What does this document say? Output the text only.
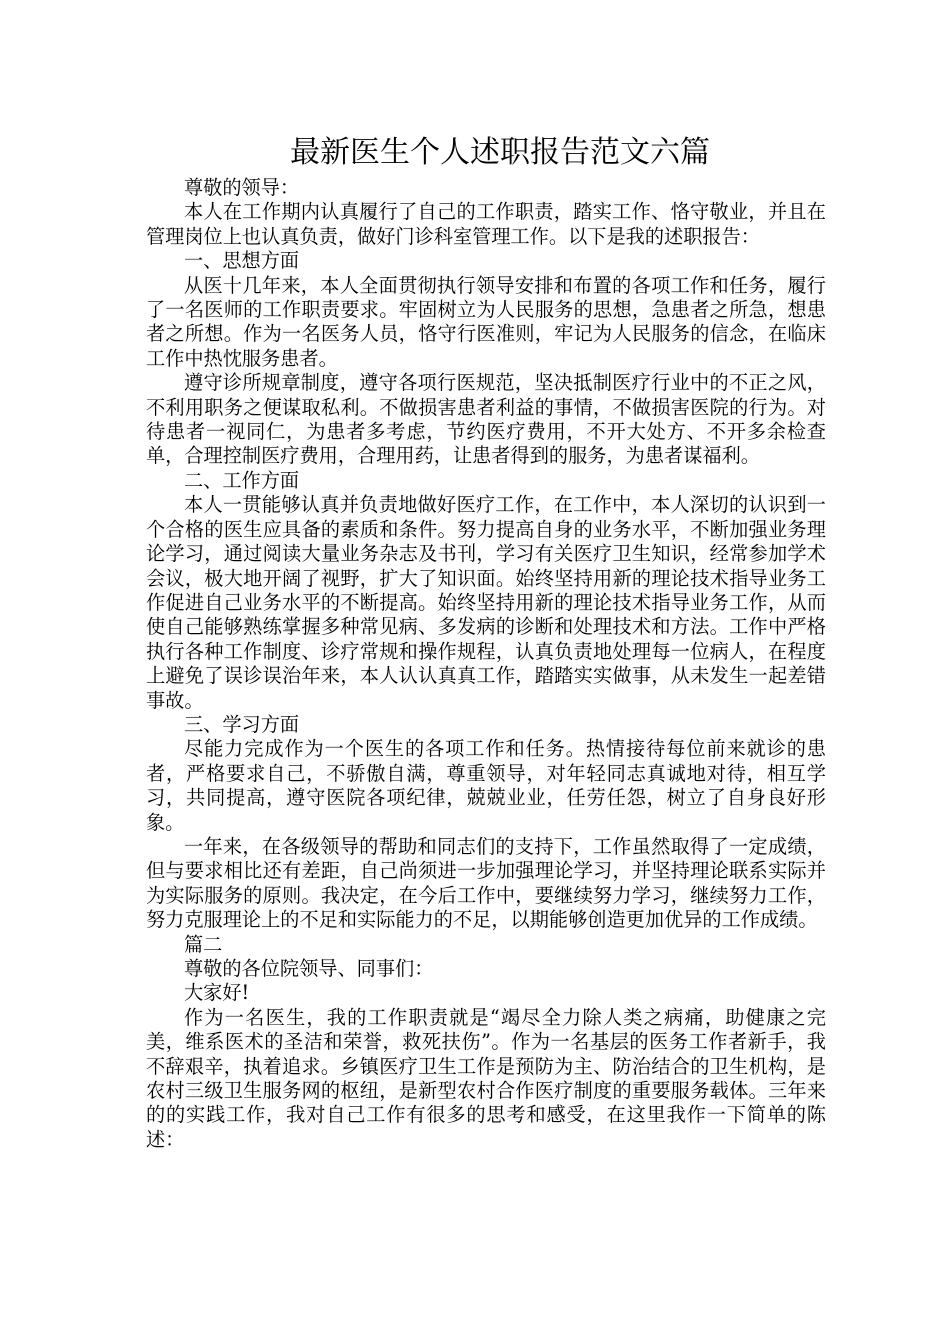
最新医生个人述职报告范文六篇

尊敬的领导：

本人在工作期内认真履行了自己的工作职责，踏实工作、恪守敬业，并且在管理岗位上也认真负责，做好门诊科室管理工作。以下是我的述职报告：

一、思想方面

从医十几年来，本人全面贯彻执行领导安排和布置的各项工作和任务，履行了一名医师的工作职责要求。牢固树立为人民服务的思想，急患者之所急，想患者之所想。作为一名医务人员，恪守行医准则，牢记为人民服务的信念，在临床工作中热忱服务患者。

遵守诊所规章制度，遵守各项行医规范，坚决抵制医疗行业中的不正之风，不利用职务之便谋取私利。不做损害患者利益的事情，不做损害医院的行为。对待患者一视同仁，为患者多考虑，节约医疗费用，不开大处方、不开多余检查单，合理控制医疗费用，合理用药，让患者得到的服务，为患者谋福利。

二、工作方面

本人一贯能够认真并负责地做好医疗工作，在工作中，本人深切的认识到一个合格的医生应具备的素质和条件。努力提高自身的业务水平，不断加强业务理论学习，通过阅读大量业务杂志及书刊，学习有关医疗卫生知识，经常参加学术会议，极大地开阔了视野，扩大了知识面。始终坚持用新的理论技术指导业务工作促进自己业务水平的不断提高。始终坚持用新的理论技术指导业务工作，从而使自己能够熟练掌握多种常见病、多发病的诊断和处理技术和方法。工作中严格执行各种工作制度、诊疗常规和操作规程，认真负责地处理每一位病人，在程度上避免了误诊误治年来，本人认认真真工作，踏踏实实做事，从未发生一起差错事故。

三、学习方面

尽能力完成作为一个医生的各项工作和任务。热情接待每位前来就诊的患者，严格要求自己，不骄傲自满，尊重领导，对年轻同志真诚地对待，相互学习，共同提高，遵守医院各项纪律，兢兢业业，任劳任怨，树立了自身良好形象。

一年来，在各级领导的帮助和同志们的支持下，工作虽然取得了一定成绩，但与要求相比还有差距，自己尚须进一步加强理论学习，并坚持理论联系实际并为实际服务的原则。我决定，在今后工作中，要继续努力学习，继续努力工作，努力克服理论上的不足和实际能力的不足，以期能够创造更加优异的工作成绩。

篇二

尊敬的各位院领导、同事们：

大家好!

作为一名医生，我的工作职责就是“竭尽全力除人类之病痛，助健康之完美，维系医术的圣洁和荣誉，救死扶伤”。作为一名基层的医务工作者新手，我不辞艰辛，执着追求。乡镇医疗卫生工作是预防为主、防治结合的卫生机构，是农村三级卫生服务网的枢纽，是新型农村合作医疗制度的重要服务载体。三年来的的实践工作，我对自己工作有很多的思考和感受，在这里我作一下简单的陈述：
